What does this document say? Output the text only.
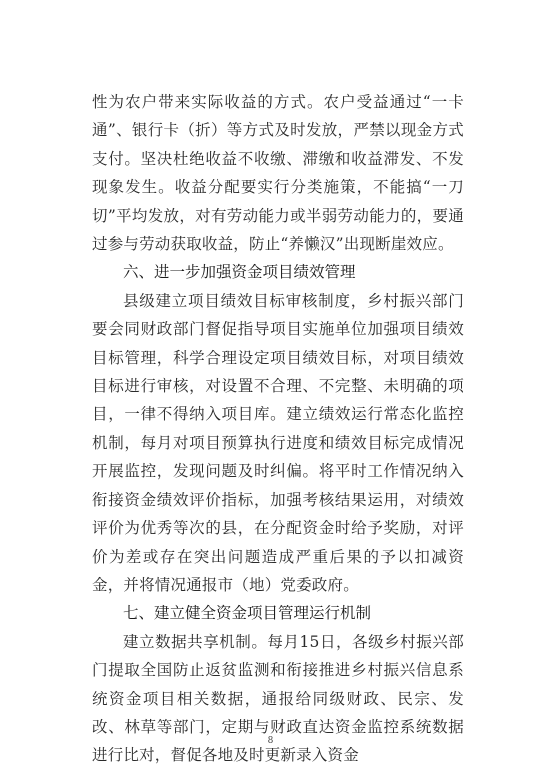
性为农户带来实际收益的方式。农户受益通过“一卡通”、银行卡（折）等方式及时发放，严禁以现金方式支付。坚决杜绝收益不收缴、滞缴和收益滞发、不发现象发生。收益分配要实行分类施策，不能搞“一刀切”平均发放，对有劳动能力或半弱劳动能力的，要通过参与劳动获取收益，防止“养懒汉”出现断崖效应。

六、进一步加强资金项目绩效管理

县级建立项目绩效目标审核制度，乡村振兴部门要会同财政部门督促指导项目实施单位加强项目绩效目标管理，科学合理设定项目绩效目标，对项目绩效目标进行审核，对设置不合理、不完整、未明确的项目，一律不得纳入项目库。建立绩效运行常态化监控机制，每月对项目预算执行进度和绩效目标完成情况开展监控，发现问题及时纠偏。将平时工作情况纳入衔接资金绩效评价指标，加强考核结果运用，对绩效评价为优秀等次的县，在分配资金时给予奖励，对评价为差或存在突出问题造成严重后果的予以扣减资金，并将情况通报市（地）党委政府。

七、建立健全资金项目管理运行机制

建立数据共享机制。每月15日，各级乡村振兴部门提取全国防止返贫监测和衔接推进乡村振兴信息系统资金项目相关数据，通报给同级财政、民宗、发改、林草等部门，定期与财政直达资金监控系统数据进行比对，督促各地及时更新录入资金

8
